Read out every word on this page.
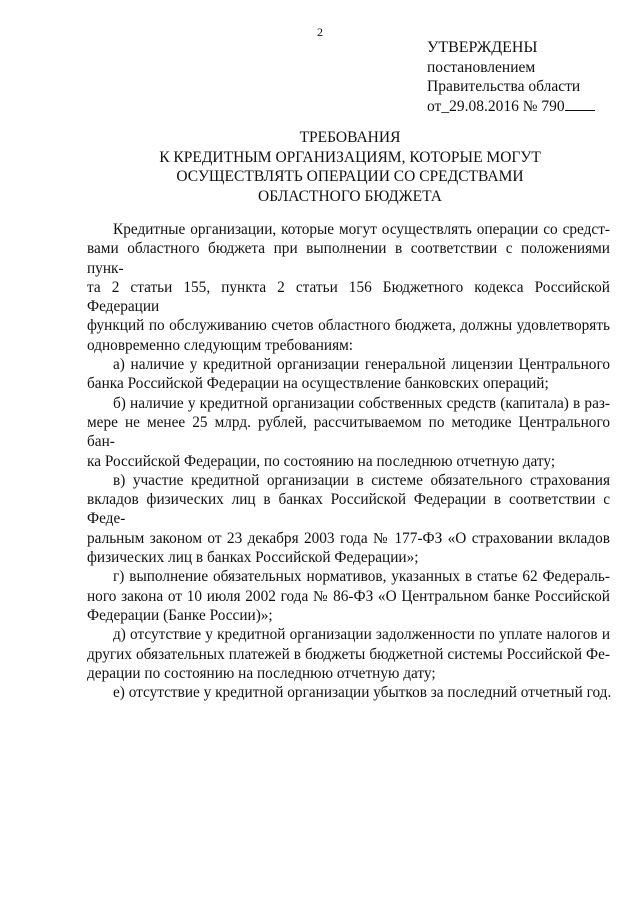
2
УТВЕРЖДЕНЫ
постановлением
Правительства области
от_29.08.2016 № 790
ТРЕБОВАНИЯ
К КРЕДИТНЫМ ОРГАНИЗАЦИЯМ, КОТОРЫЕ МОГУТ
ОСУЩЕСТВЛЯТЬ ОПЕРАЦИИ СО СРЕДСТВАМИ
ОБЛАСТНОГО БЮДЖЕТА
Кредитные организации, которые могут осуществлять операции со средст-
вами областного бюджета при выполнении в соответствии с положениями пунк-
та 2 статьи 155, пункта 2 статьи 156 Бюджетного кодекса Российской Федерации
функций по обслуживанию счетов областного бюджета, должны удовлетворять
одновременно следующим требованиям:
а) наличие у кредитной организации генеральной лицензии Центрального
банка Российской Федерации на осуществление банковских операций;
б) наличие у кредитной организации собственных средств (капитала) в раз-
мере не менее 25 млрд. рублей, рассчитываемом по методике Центрального бан-
ка Российской Федерации, по состоянию на последнюю отчетную дату;
в) участие кредитной организации в системе обязательного страхования
вкладов физических лиц в банках Российской Федерации в соответствии с Феде-
ральным законом от 23 декабря 2003 года № 177-ФЗ «О страховании вкладов
физических лиц в банках Российской Федерации»;
г) выполнение обязательных нормативов, указанных в статье 62 Федераль-
ного закона от 10 июля 2002 года № 86-ФЗ «О Центральном банке Российской
Федерации (Банке России)»;
д) отсутствие у кредитной организации задолженности по уплате налогов и
других обязательных платежей в бюджеты бюджетной системы Российской Фе-
дерации по состоянию на последнюю отчетную дату;
е) отсутствие у кредитной организации убытков за последний отчетный год.
